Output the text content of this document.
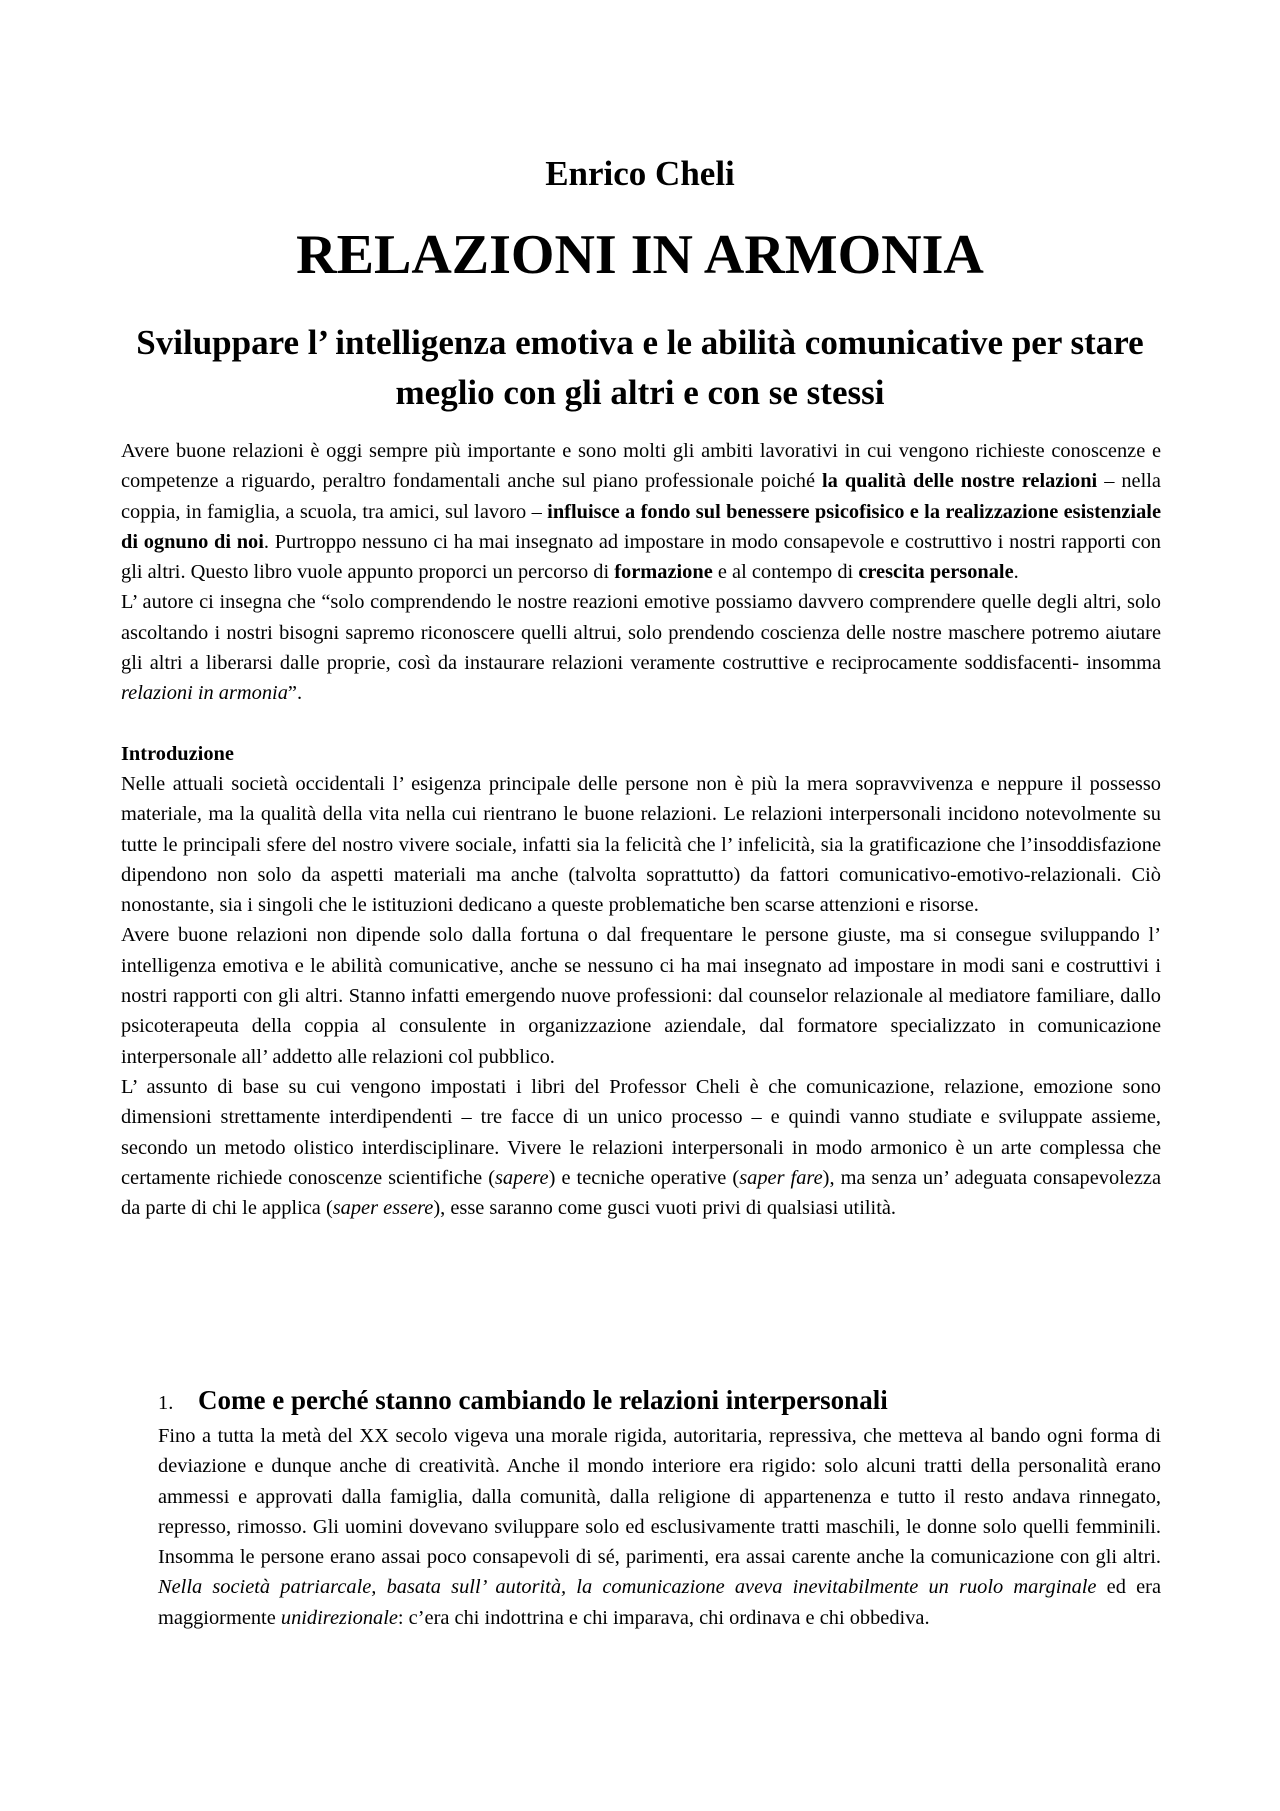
Enrico Cheli
RELAZIONI IN ARMONIA
Sviluppare l’ intelligenza emotiva e le abilità comunicative per stare meglio con gli altri e con se stessi

Avere buone relazioni è oggi sempre più importante e sono molti gli ambiti lavorativi in cui vengono richieste conoscenze e competenze a riguardo, peraltro fondamentali anche sul piano professionale poiché la qualità delle nostre relazioni – nella coppia, in famiglia, a scuola, tra amici, sul lavoro – influisce a fondo sul benessere psicofisico e la realizzazione esistenziale di ognuno di noi. Purtroppo nessuno ci ha mai insegnato ad impostare in modo consapevole e costruttivo i nostri rapporti con gli altri. Questo libro vuole appunto proporci un percorso di formazione e al contempo di crescita personale.

L’ autore ci insegna che “solo comprendendo le nostre reazioni emotive possiamo davvero comprendere quelle degli altri, solo ascoltando i nostri bisogni sapremo riconoscere quelli altrui, solo prendendo coscienza delle nostre maschere potremo aiutare gli altri a liberarsi dalle proprie, così da instaurare relazioni veramente costruttive e reciprocamente soddisfacenti- insomma relazioni in armonia”.

Introduzione

Nelle attuali società occidentali l’ esigenza principale delle persone non è più la mera sopravvivenza e neppure il possesso materiale, ma la qualità della vita nella cui rientrano le buone relazioni. Le relazioni interpersonali incidono notevolmente su tutte le principali sfere del nostro vivere sociale, infatti sia la felicità che l’ infelicità, sia la gratificazione che l’insoddisfazione dipendono non solo da aspetti materiali ma anche (talvolta soprattutto) da fattori comunicativo-emotivo-relazionali. Ciò nonostante, sia i singoli che le istituzioni dedicano a queste problematiche ben scarse attenzioni e risorse.

Avere buone relazioni non dipende solo dalla fortuna o dal frequentare le persone giuste, ma si consegue sviluppando l’ intelligenza emotiva e le abilità comunicative, anche se nessuno ci ha mai insegnato ad impostare in modi sani e costruttivi i nostri rapporti con gli altri. Stanno infatti emergendo nuove professioni: dal counselor relazionale al mediatore familiare, dallo psicoterapeuta della coppia al consulente in organizzazione aziendale, dal formatore specializzato in comunicazione interpersonale all’ addetto alle relazioni col pubblico.

L’ assunto di base su cui vengono impostati i libri del Professor Cheli è che comunicazione, relazione, emozione sono dimensioni strettamente interdipendenti – tre facce di un unico processo – e quindi vanno studiate e sviluppate assieme, secondo un metodo olistico interdisciplinare. Vivere le relazioni interpersonali in modo armonico è un arte complessa che certamente richiede conoscenze scientifiche (sapere) e tecniche operative (saper fare), ma senza un’ adeguata consapevolezza da parte di chi le applica (saper essere), esse saranno come gusci vuoti privi di qualsiasi utilità.

1. Come e perché stanno cambiando le relazioni interpersonali

Fino a tutta la metà del XX secolo vigeva una morale rigida, autoritaria, repressiva, che metteva al bando ogni forma di deviazione e dunque anche di creatività. Anche il mondo interiore era rigido: solo alcuni tratti della personalità erano ammessi e approvati dalla famiglia, dalla comunità, dalla religione di appartenenza e tutto il resto andava rinnegato, represso, rimosso. Gli uomini dovevano sviluppare solo ed esclusivamente tratti maschili, le donne solo quelli femminili. Insomma le persone erano assai poco consapevoli di sé, parimenti, era assai carente anche la comunicazione con gli altri. Nella società patriarcale, basata sull’ autorità, la comunicazione aveva inevitabilmente un ruolo marginale ed era maggiormente unidirezionale: c’era chi indottrina e chi imparava, chi ordinava e chi obbediva.
